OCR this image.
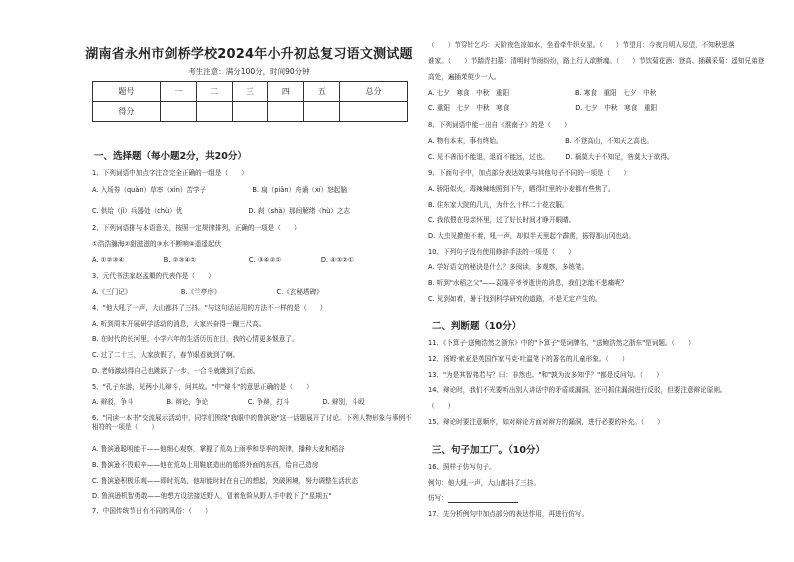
湖南省永州市剑桥学校2024年小升初总复习语文测试题
考生注意：满分100分，时间90分钟
题号	一	二	三	四	五	总分
得分						
一、选择题（每小题2分，共20分）
1、下列词语中加点字注音完全正确的一组是（　　）
A. 入场券（quàn）草率（xìn）苦学子　　　　　　　B. 扁（piān）舟诵（xí）怒起脑
C. 供给（jǐ）兵器处（chù）优　　　　　　　　　　D. 刹（shà）那间解绪（hù）之志
2、下列词语排与本语意关，按照一定规律排列，正确的一项是（　　）
①浩浩瀚海②甜滋滋的③水不断响④遥遥起伏
A. ①②③④　　　　　　B. ②③④①　　　　　　　　C. ③④②①　　　　　　D. ④③②①
3、元代书法家赵孟頫的代表作是（　　）
A.《三门记》　　　　　　　　B.《兰亭序》　　　　　　　　　C.《玄秘塔碑》
4、"他大吼了一声，大山都抖了三抖。"与这句话运用的方法不一样的是（　　）
A. 听到周末开展研学活动的消息，大家兴奋得一蹦三尺高。
B. 在时代的长河里，小学六年的生活历历在目，我的心情更多惬意了。
C. 过了二十三，大家放假了，春节眼看就到了啊。
D. 老师激动得自己也跳跃了一步，一合斗就跳到了后面。
5、"孔子东游，见两小儿辩斗，问其故。"中"辩斗"的意思正确的是（　　）
A. 辩驳，争斗　　　　　B. 辩论，争论　　　　　　C. 争辩，打斗　　　　　D. 辩别，斗殴
6、"同读一本书"交流展示活动中，同学们围绕"我眼中的鲁滨逊"这一话题展开了讨论。下列人物形象与事例不相符的一项是（　　）
A. 鲁滨逊聪明能干——他细心观察，掌握了荒岛上雨季和旱季的规律，播种大麦和稻谷
B. 鲁滨逊不畏艰辛——他在荒岛上用鞋底造出的船将外面的东西，给自己造房
C. 鲁滨逊积极乐观——即时荒岛，他却能时时在自己的想起，突破困境，努力调整生活状态
D. 鲁滨逊机智勇敢——他想方设法接近野人，冒着危险从野人手中救下了"星期五"
7、中国传统节日有不同的风俗：（　　）
（　　）节穿针乞巧：天阶夜色凉如水，坐看牵牛织女星。（　　）节望月：今夜月明人尽望，不知秋思落
谁家。（　　）节踏青扫墓：清明时节雨纷纷，路上行人欲断魂。（　　）节饮菊花酒：登高、插藕采菊：遥知兄弟登
高处，遍插茱萸少一人。
A. 七夕　寒食　中秋　重阳　　　　　　　　　　B. 寒食　重阳　七夕　中秋
C. 重阳　七夕　中秋　寒食　　　　　　　　　　D. 七夕　中秋　寒食　重阳
8、下列词语中能一出自《淮南子》的是（　　）
A. 物有本末，事有终始。　　　　　　　　　　B. 不登高山，不知天之高也。
C. 见不善而不能退，退而不能远，过也。　　　D. 祸莫大于不知足，咎莫大于欲得。
9、下面句子中，加点部分表达效果与其他句子不同的一项是（　　）
A. 骄阳似火，毒辣辣地照到下午，晒得红里的小麦都有些焦了。
B. 住东家大院的几儿，为什么十样二十花衣服。
C. 我依偎在母亲怀里，过了好长时间才睁开眼睛。
D. 大虫见掀他不着，吼一声，却似半天里起个霹雳，振得那山冈也动。
10、下列句子没有使用修辞手法的一项是（　　）
A. 学好语文的秘诀是什么？多阅读，多观察，多练笔。
B. 听到"水稻之父"——袁隆平爷爷逝世的消息，我们怎能不悲痛呢？
C. 见到如着，暑于找到科学研究的道路，不是无定产生的。
二、判断题（10分）
11、《卜算子·送鲍浩然之浙东》中的"卜算子"是词牌名，"送鲍浩然之浙东"是词题。（　　）
12、汤姆·索亚是英国作家马克·吐温笔下的著名的儿童形象。（　　）
13、"为是其智弗若与？曰：非然也。"和"孰为汝多知乎？"都是反问句。（　　）
14、辩论时，我们不光要听出别人讲话中的矛盾或漏洞，还可抓住漏洞进行反驳，但要注意辩论原则。
（　　）
15、辩论时要注意顺序，如对辩论方面对辩方的漏洞，进行必要的补充。（　　）
三、句子加工厂。（10分）
16、照样子仿写句子。
例句：他大吼一声，大山都抖了三抖。
仿写：
17、先分析例句中加点部分的表达作用，再进行仿写。
